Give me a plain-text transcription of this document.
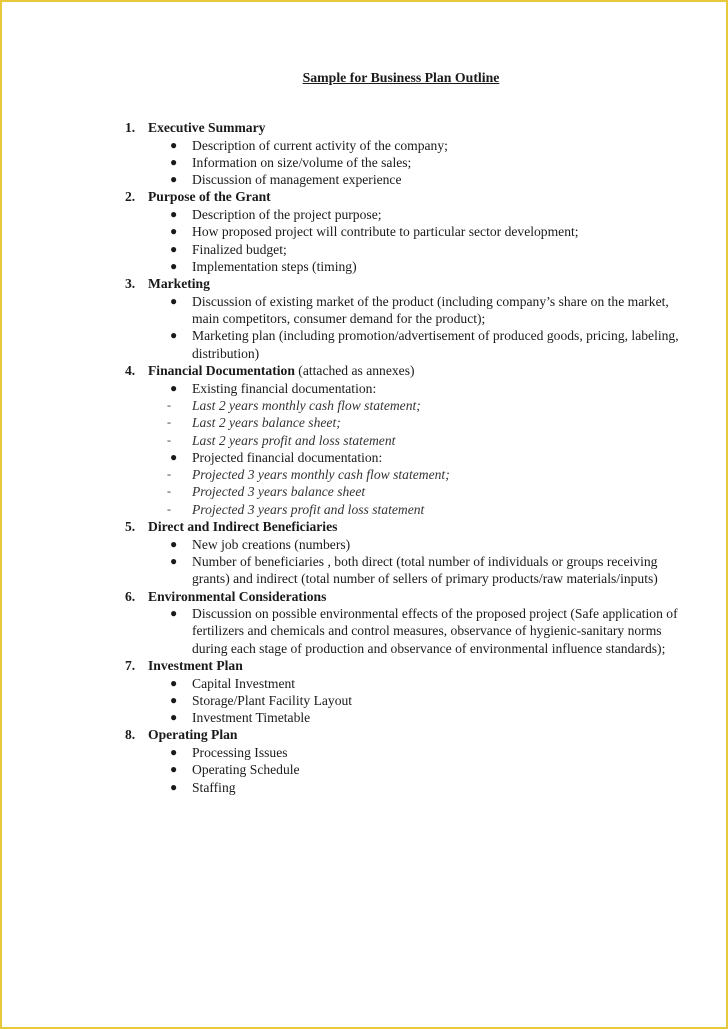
Sample for Business Plan Outline
1. Executive Summary
● Description of current activity of the company;
● Information on size/volume of the sales;
● Discussion of management experience
2. Purpose of the Grant
● Description of the project purpose;
● How proposed project will contribute to particular sector development;
● Finalized budget;
● Implementation steps (timing)
3. Marketing
● Discussion of existing market of the product (including company’s share on the market, main competitors, consumer demand for the product);
● Marketing plan (including promotion/advertisement of produced goods, pricing, labeling, distribution)
4. Financial Documentation (attached as annexes)
● Existing financial documentation:
- Last 2 years monthly cash flow statement;
- Last 2 years balance sheet;
- Last 2 years profit and loss statement
● Projected financial documentation:
- Projected 3 years monthly cash flow statement;
- Projected 3 years balance sheet
- Projected 3 years profit and loss statement
5. Direct and Indirect Beneficiaries
● New job creations (numbers)
● Number of beneficiaries , both direct (total number of individuals or groups receiving grants) and indirect (total number of sellers of primary products/raw materials/inputs)
6. Environmental Considerations
● Discussion on possible environmental effects of the proposed project (Safe application of fertilizers and chemicals and control measures, observance of hygienic-sanitary norms during each stage of production and observance of environmental influence standards);
7. Investment Plan
● Capital Investment
● Storage/Plant Facility Layout
● Investment Timetable
8. Operating Plan
● Processing Issues
● Operating Schedule
● Staffing
